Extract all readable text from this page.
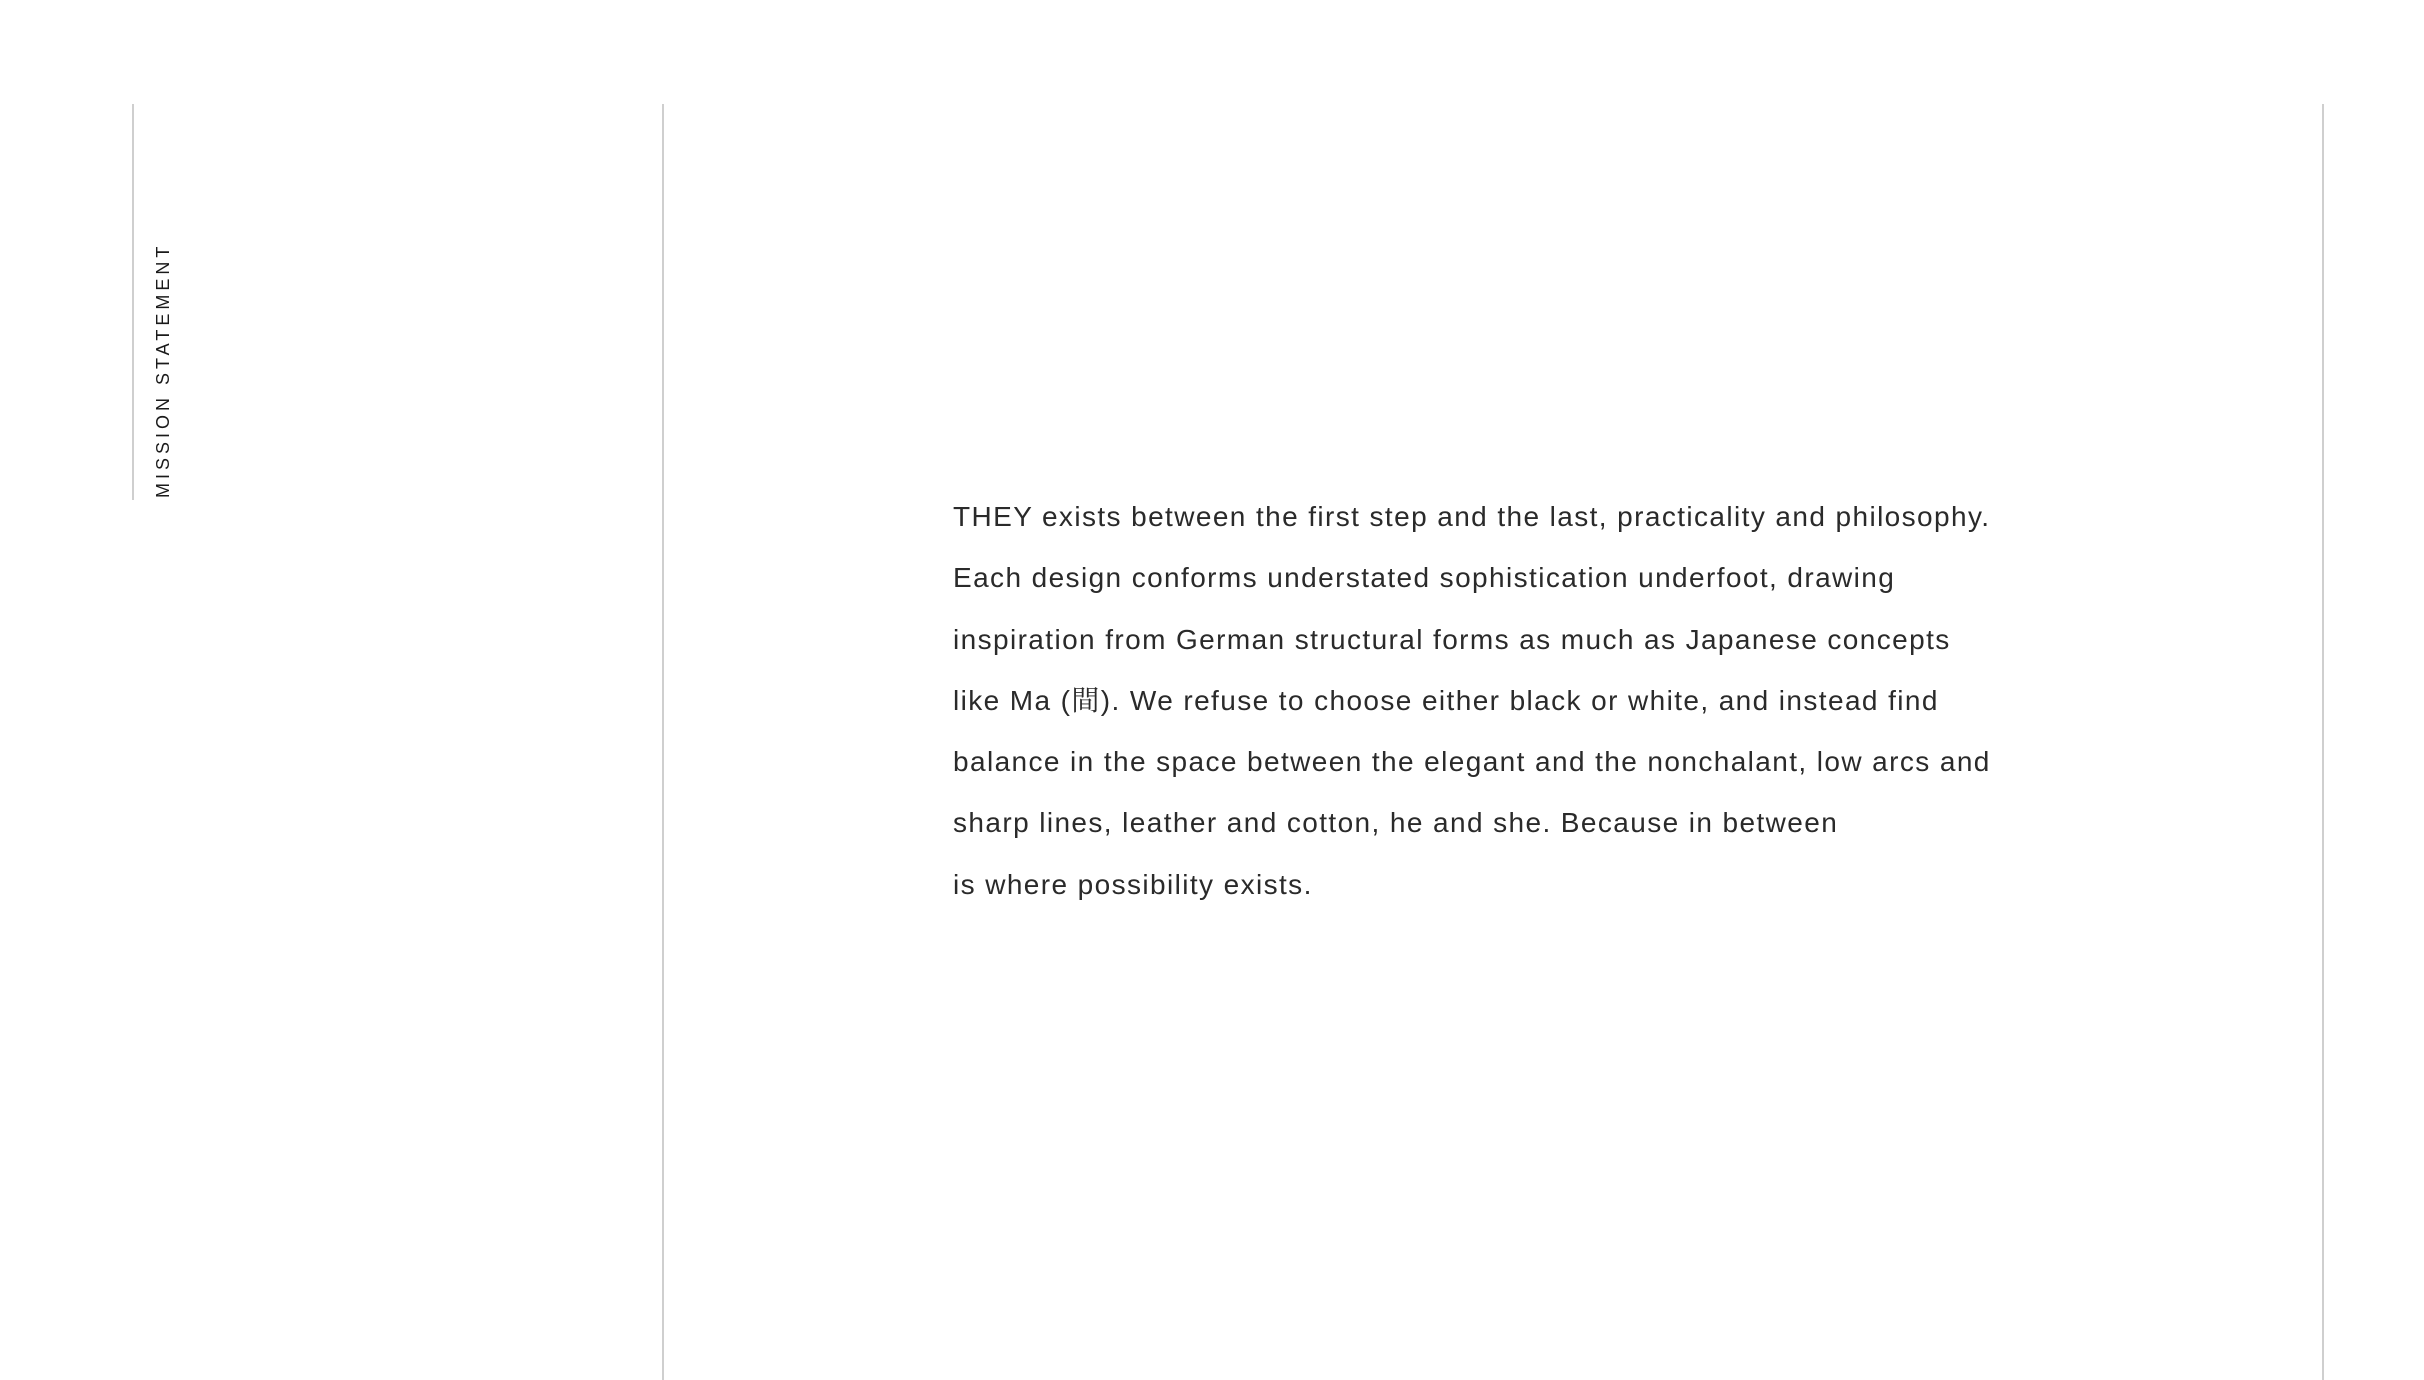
MISSION STATEMENT
THEY exists between the first step and the last, practicality and philosophy.
Each design conforms understated sophistication underfoot, drawing
inspiration from German structural forms as much as Japanese concepts
like Ma (間). We refuse to choose either black or white, and instead find
balance in the space between the elegant and the nonchalant, low arcs and
sharp lines, leather and cotton, he and she. Because in between
is where possibility exists.
